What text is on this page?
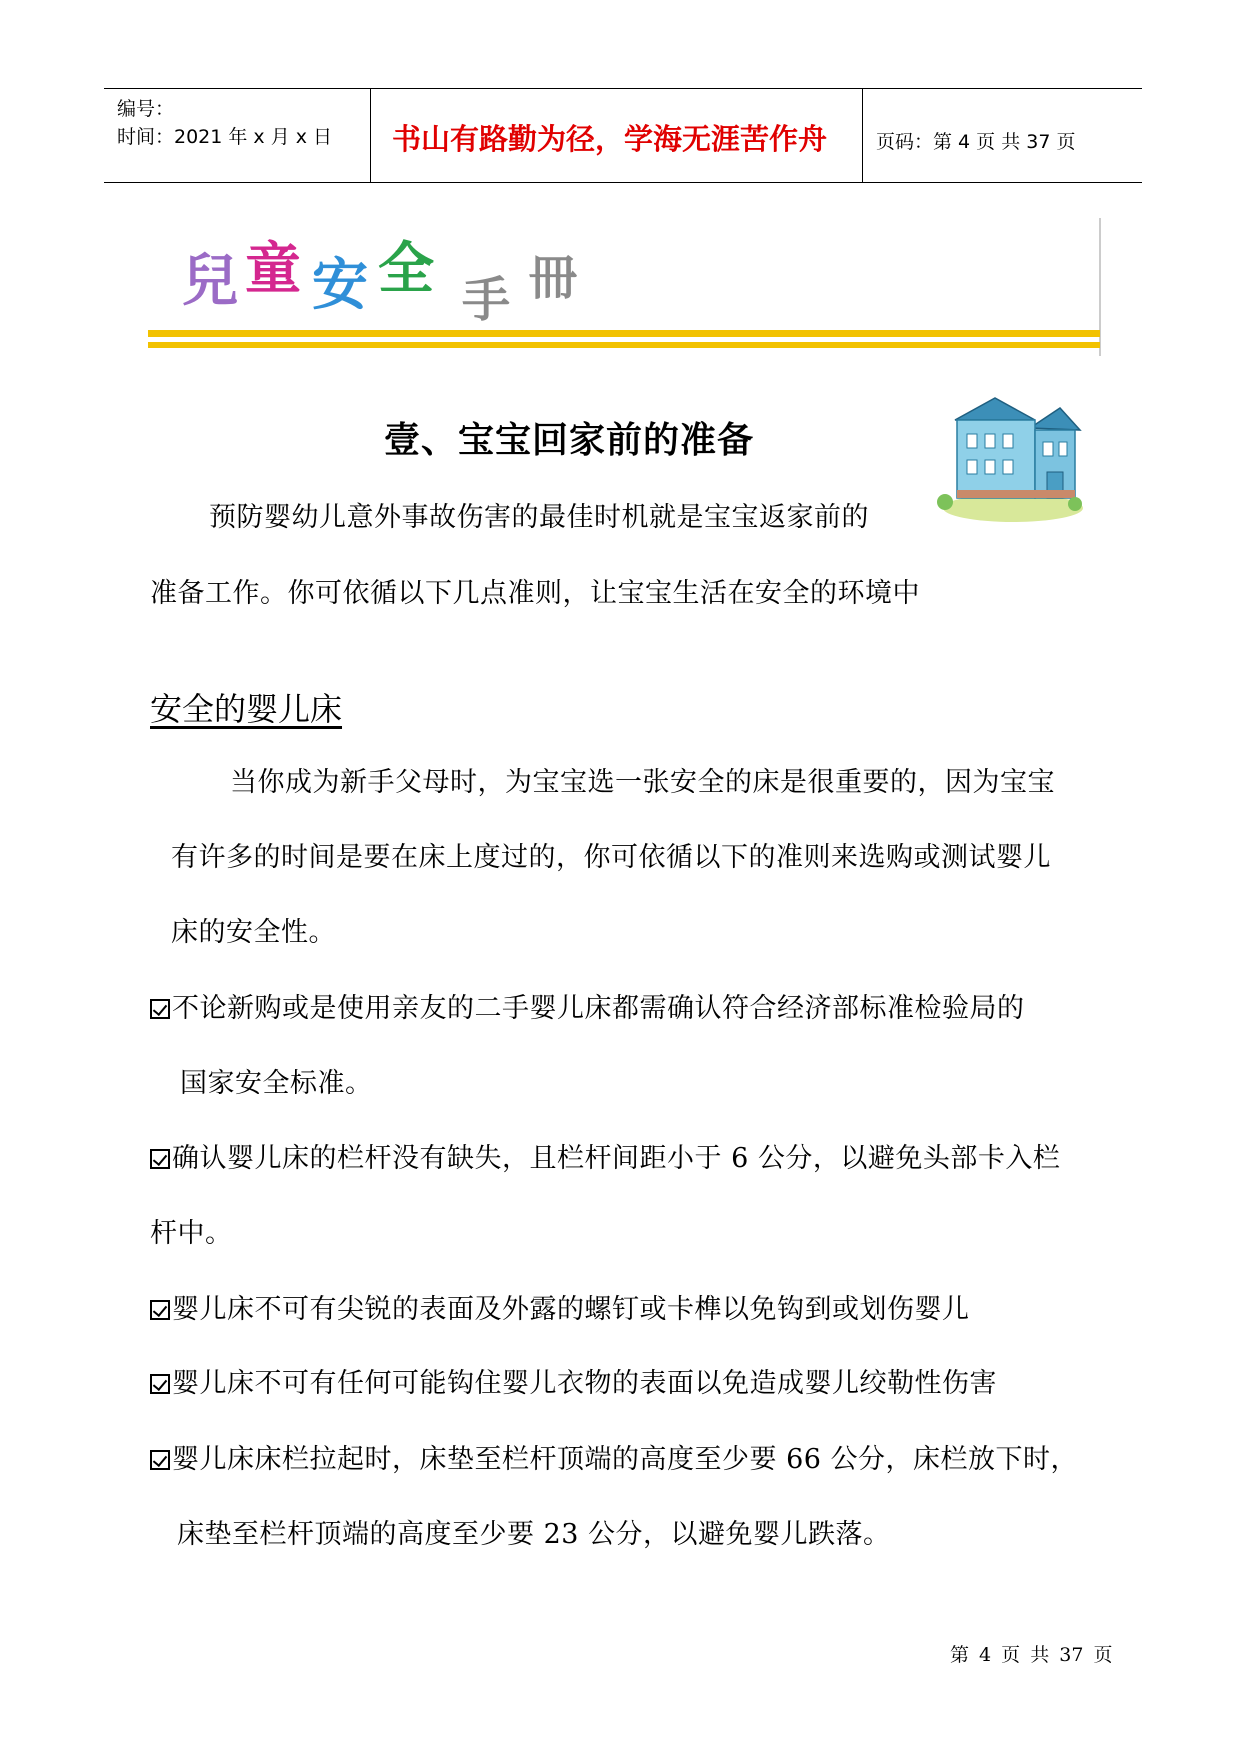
编号：
时间：2021 年 x 月 x 日 书山有路勤为径，学海无涯苦作舟	页码：第 4 页 共 37 页
兒 童 安 全 手 冊
壹、宝宝回家前的准备
预防婴幼儿意外事故伤害的最佳时机就是宝宝返家前的
准备工作。你可依循以下几点准则，让宝宝生活在安全的环境中
安全的婴儿床
当你成为新手父母时，为宝宝选一张安全的床是很重要的，因为宝宝
有许多的时间是要在床上度过的，你可依循以下的准则来选购或测试婴儿
床的安全性。
不论新购或是使用亲友的二手婴儿床都需确认符合经济部标准检验局的
国家安全标准。
确认婴儿床的栏杆没有缺失，且栏杆间距小于 6 公分，以避免头部卡入栏
杆中。
婴儿床不可有尖锐的表面及外露的螺钉或卡榫以免钩到或划伤婴儿
婴儿床不可有任何可能钩住婴儿衣物的表面以免造成婴儿绞勒性伤害
婴儿床床栏拉起时，床垫至栏杆顶端的高度至少要 66 公分，床栏放下时，
床垫至栏杆顶端的高度至少要 23 公分，以避免婴儿跌落。
第 4 页 共 37 页
